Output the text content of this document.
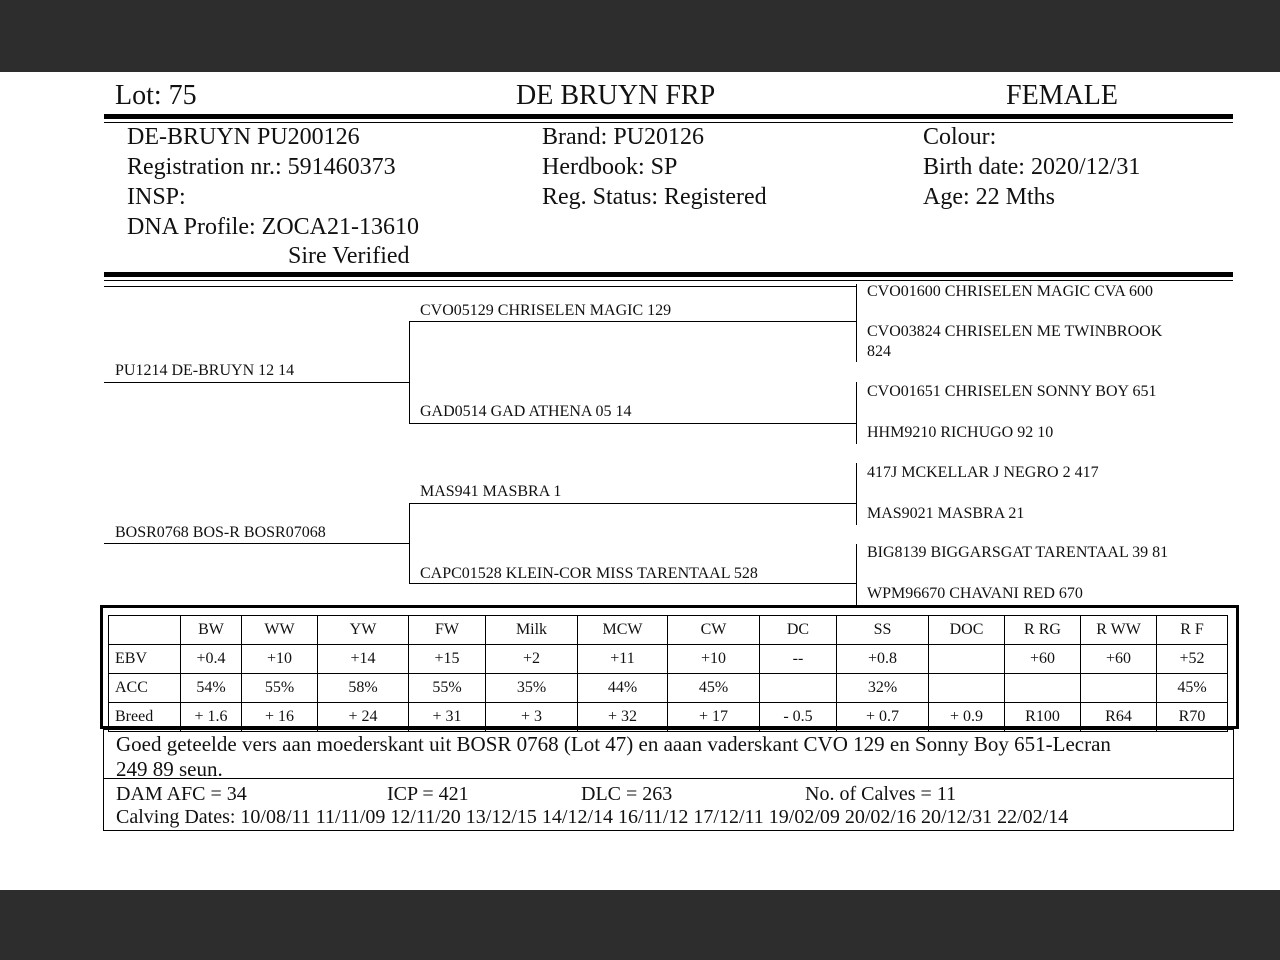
Lot: 75	DE BRUYN FRP	FEMALE
DE-BRUYN PU200126
Registration nr.: 591460373
INSP:
DNA Profile: ZOCA21-13610
Sire Verified
Brand: PU20126
Herdbook: SP
Reg. Status: Registered
Colour:
Birth date: 2020/12/31
Age: 22 Mths
PU1214 DE-BRUYN 12 14
BOSR0768 BOS-R BOSR07068
CVO05129 CHRISELEN MAGIC 129
GAD0514 GAD ATHENA 05 14
MAS941 MASBRA 1
CAPC01528 KLEIN-COR MISS TARENTAAL 528
CVO01600 CHRISELEN MAGIC CVA 600
CVO03824 CHRISELEN ME TWINBROOK
824
CVO01651 CHRISELEN SONNY BOY 651
HHM9210 RICHUGO 92 10
417J MCKELLAR J NEGRO 2 417
MAS9021 MASBRA 21
BIG8139 BIGGARSGAT TARENTAAL 39 81
WPM96670 CHAVANI RED 670
	BW	WW	YW	FW	Milk	MCW	CW	DC	SS	DOC	R RG	R WW	R F
EBV	+0.4	+10	+14	+15	+2	+11	+10	--	+0.8		+60	+60	+52
ACC	54%	55%	58%	55%	35%	44%	45%		32%				45%
Breed	+ 1.6	+ 16	+ 24	+ 31	+ 3	+ 32	+ 17	- 0.5	+ 0.7	+ 0.9	R100	R64	R70
Goed geteelde vers aan moederskant uit BOSR 0768 (Lot 47) en aaan vaderskant CVO 129 en Sonny Boy 651-Lecran
249 89 seun.
DAM AFC = 34	ICP = 421	DLC = 263	No. of Calves = 11
Calving Dates: 10/08/11 11/11/09 12/11/20 13/12/15 14/12/14 16/11/12 17/12/11 19/02/09 20/02/16 20/12/31 22/02/14
